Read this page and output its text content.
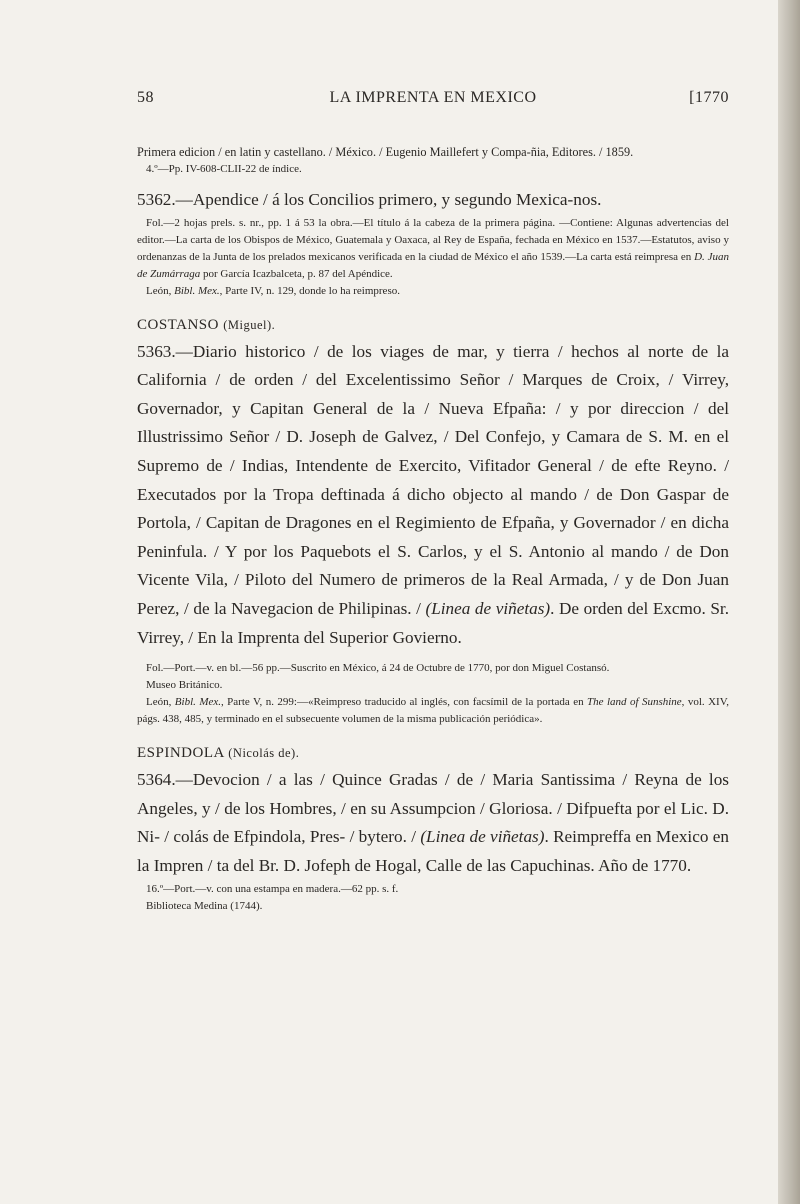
58	LA IMPRENTA EN MEXICO	[1770

Primera edicion / en latin y castellano. / México. / Eugenio Maillefert y Compa-ñia, Editores. / 1859.

4.º—Pp. IV-608-CLII-22 de índice.

5362.—Apendice / á los Concilios primero, y segundo Mexica-nos.

Fol.—2 hojas prels. s. nr., pp. 1 á 53 la obra.—El título á la cabeza de la primera página. —Contiene: Algunas advertencias del editor.—La carta de los Obispos de México, Guatemala y Oaxaca, al Rey de España, fechada en México en 1537.—Estatutos, aviso y ordenanzas de la Junta de los prelados mexicanos verificada en la ciudad de México el año 1539.—La carta está reimpresa en D. Juan de Zumárraga por García Icazbalceta, p. 87 del Apéndice.

León, Bibl. Mex., Parte IV, n. 129, donde lo ha reimpreso.

COSTANSO (Miguel).

5363.—Diario historico / de los viages de mar, y tierra / hechos al norte de la California / de orden / del Excelentissimo Señor / Marques de Croix, / Virrey, Governador, y Capitan General de la / Nueva Efpaña: / y por direccion / del Illustrissimo Señor / D. Joseph de Galvez, / Del Confejo, y Camara de S. M. en el Supremo de / Indias, Intendente de Exercito, Vifitador General / de efte Reyno. / Executados por la Tropa deftinada á dicho objecto al mando / de Don Gaspar de Portola, / Capitan de Dragones en el Regimiento de Efpaña, y Governador / en dicha Peninfula. / Y por los Paquebots el S. Carlos, y el S. Antonio al mando / de Don Vicente Vila, / Piloto del Numero de primeros de la Real Armada, / y de Don Juan Perez, / de la Navegacion de Philipinas. / (Linea de viñetas). De orden del Excmo. Sr. Virrey, / En la Imprenta del Superior Govierno.

Fol.—Port.—v. en bl.—56 pp.—Suscrito en México, á 24 de Octubre de 1770, por don Miguel Costansó.

Museo Británico.

León, Bibl. Mex., Parte V, n. 299:—«Reimpreso traducido al inglés, con facsímil de la portada en The land of Sunshine, vol. XIV, págs. 438, 485, y terminado en el subsecuente volumen de la misma publicación periódica».

ESPINDOLA (Nicolás de).

5364.—Devocion / a las / Quince Gradas / de / Maria Santissima / Reyna de los Angeles, y / de los Hombres, / en su Assumpcion / Gloriosa. / Difpuefta por el Lic. D. Ni- / colás de Efpindola, Pres- / bytero. / (Linea de viñetas). Reimpreffa en Mexico en la Impren / ta del Br. D. Jofeph de Hogal, Calle de las Capuchinas. Año de 1770.

16.º—Port.—v. con una estampa en madera.—62 pp. s. f.

Biblioteca Medina (1744).
